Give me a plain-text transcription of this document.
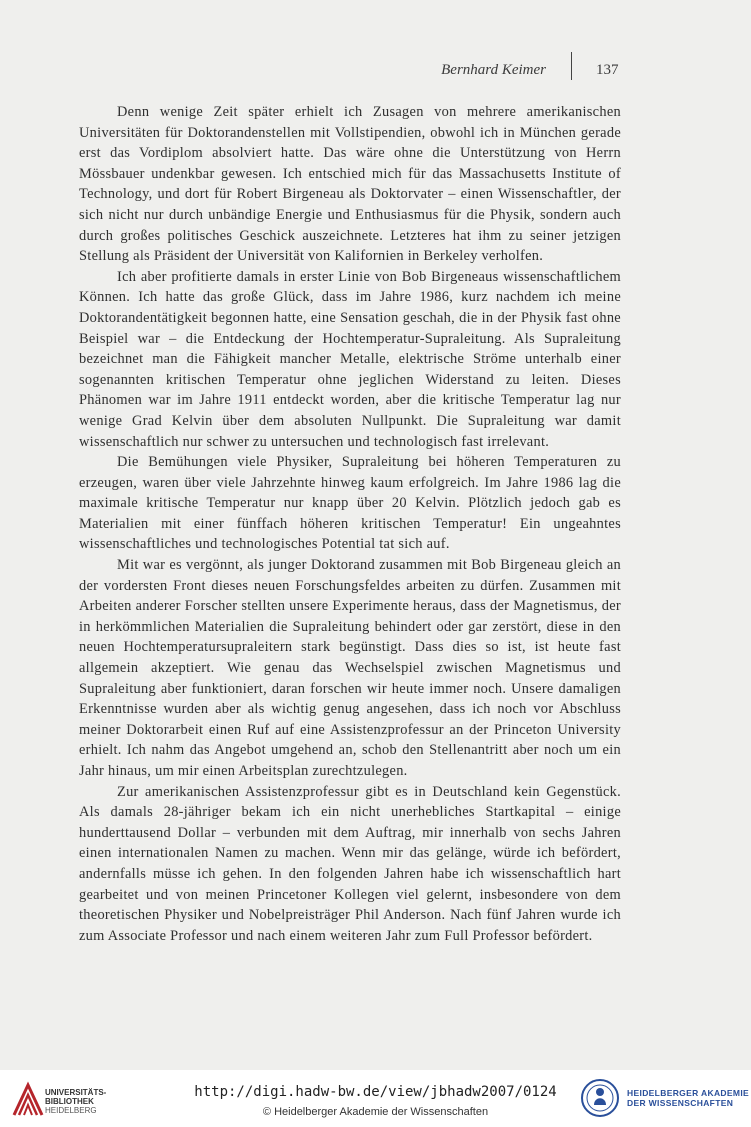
Bernhard Keimer	137

Denn wenige Zeit später erhielt ich Zusagen von mehrere amerikanischen Universitäten für Doktorandenstellen mit Vollstipendien, obwohl ich in München gerade erst das Vordiplom absolviert hatte. Das wäre ohne die Unterstützung von Herrn Mössbauer undenkbar gewesen. Ich entschied mich für das Massachusetts Institute of Technology, und dort für Robert Birgeneau als Doktorvater – einen Wissenschaftler, der sich nicht nur durch unbändige Energie und Enthusiasmus für die Physik, sondern auch durch großes politisches Geschick auszeichnete. Letzteres hat ihm zu seiner jetzigen Stellung als Präsident der Universität von Kalifornien in Berkeley verholfen.

Ich aber profitierte damals in erster Linie von Bob Birgeneaus wissenschaftlichem Können. Ich hatte das große Glück, dass im Jahre 1986, kurz nachdem ich meine Doktorandentätigkeit begonnen hatte, eine Sensation geschah, die in der Physik fast ohne Beispiel war – die Entdeckung der Hochtemperatur-Supraleitung. Als Supraleitung bezeichnet man die Fähigkeit mancher Metalle, elektrische Ströme unterhalb einer sogenannten kritischen Temperatur ohne jeglichen Widerstand zu leiten. Dieses Phänomen war im Jahre 1911 entdeckt worden, aber die kritische Temperatur lag nur wenige Grad Kelvin über dem absoluten Nullpunkt. Die Supraleitung war damit wissenschaftlich nur schwer zu untersuchen und technologisch fast irrelevant.

Die Bemühungen viele Physiker, Supraleitung bei höheren Temperaturen zu erzeugen, waren über viele Jahrzehnte hinweg kaum erfolgreich. Im Jahre 1986 lag die maximale kritische Temperatur nur knapp über 20 Kelvin. Plötzlich jedoch gab es Materialien mit einer fünffach höheren kritischen Temperatur! Ein ungeahntes wissenschaftliches und technologisches Potential tat sich auf.

Mit war es vergönnt, als junger Doktorand zusammen mit Bob Birgeneau gleich an der vordersten Front dieses neuen Forschungsfeldes arbeiten zu dürfen. Zusammen mit Arbeiten anderer Forscher stellten unsere Experimente heraus, dass der Magnetismus, der in herkömmlichen Materialien die Supraleitung behindert oder gar zerstört, diese in den neuen Hochtemperatursupraleitern stark begünstigt. Dass dies so ist, ist heute fast allgemein akzeptiert. Wie genau das Wechselspiel zwischen Magnetismus und Supraleitung aber funktioniert, daran forschen wir heute immer noch. Unsere damaligen Erkenntnisse wurden aber als wichtig genug angesehen, dass ich noch vor Abschluss meiner Doktorarbeit einen Ruf auf eine Assistenzprofessur an der Princeton University erhielt. Ich nahm das Angebot umgehend an, schob den Stellenantritt aber noch um ein Jahr hinaus, um mir einen Arbeitsplan zurechtzulegen.

Zur amerikanischen Assistenzprofessur gibt es in Deutschland kein Gegenstück. Als damals 28-jähriger bekam ich ein nicht unerhebliches Startkapital – einige hunderttausend Dollar – verbunden mit dem Auftrag, mir innerhalb von sechs Jahren einen internationalen Namen zu machen. Wenn mir das gelänge, würde ich befördert, andernfalls müsse ich gehen. In den folgenden Jahren habe ich wissenschaftlich hart gearbeitet und von meinen Princetoner Kollegen viel gelernt, insbesondere von dem theoretischen Physiker und Nobelpreisträger Phil Anderson. Nach fünf Jahren wurde ich zum Associate Professor und nach einem weiteren Jahr zum Full Professor befördert.

UNIVERSITÄTS-
BIBLIOTHEK
HEIDELBERG
http://digi.hadw-bw.de/view/jbhadw2007/0124
© Heidelberger Akademie der Wissenschaften
HEIDELBERGER AKADEMIE
DER WISSENSCHAFTEN
